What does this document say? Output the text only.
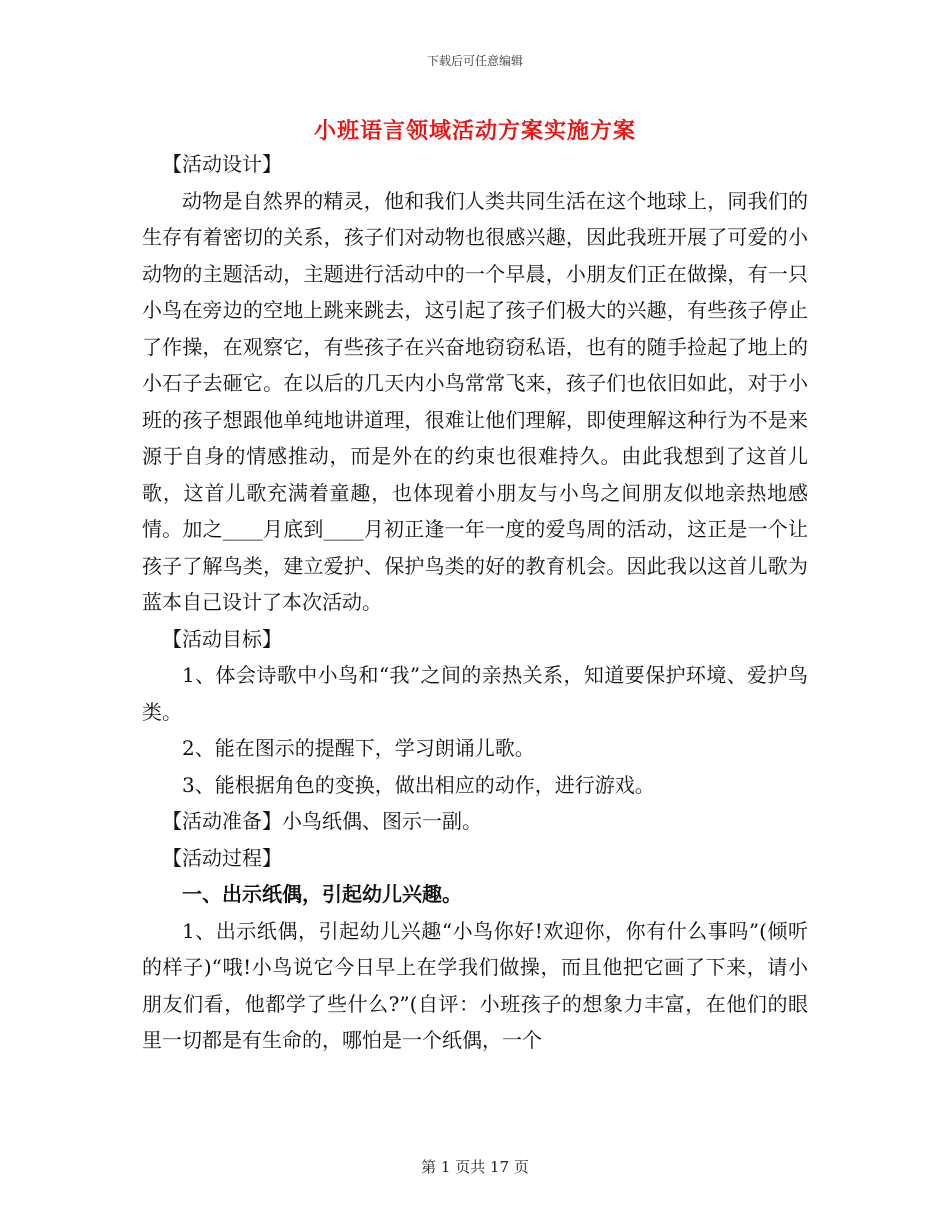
下载后可任意编辑
小班语言领域活动方案实施方案

【活动设计】

动物是自然界的精灵，他和我们人类共同生活在这个地球上，同我们的生存有着密切的关系，孩子们对动物也很感兴趣，因此我班开展了可爱的小动物的主题活动，主题进行活动中的一个早晨，小朋友们正在做操，有一只小鸟在旁边的空地上跳来跳去，这引起了孩子们极大的兴趣，有些孩子停止了作操，在观察它，有些孩子在兴奋地窃窃私语，也有的随手捡起了地上的小石子去砸它。在以后的几天内小鸟常常飞来，孩子们也依旧如此，对于小班的孩子想跟他单纯地讲道理，很难让他们理解，即使理解这种行为不是来源于自身的情感推动，而是外在的约束也很难持久。由此我想到了这首儿歌，这首儿歌充满着童趣，也体现着小朋友与小鸟之间朋友似地亲热地感情。加之____月底到____月初正逢一年一度的爱鸟周的活动，这正是一个让孩子了解鸟类，建立爱护、保护鸟类的好的教育机会。因此我以这首儿歌为蓝本自己设计了本次活动。

【活动目标】

1、体会诗歌中小鸟和“我”之间的亲热关系，知道要保护环境、爱护鸟类。

2、能在图示的提醒下，学习朗诵儿歌。

3、能根据角色的变换，做出相应的动作，进行游戏。

【活动准备】小鸟纸偶、图示一副。

【活动过程】

一、出示纸偶，引起幼儿兴趣。

1、出示纸偶，引起幼儿兴趣“小鸟你好!欢迎你，你有什么事吗”(倾听的样子)“哦!小鸟说它今日早上在学我们做操，而且他把它画了下来，请小朋友们看，他都学了些什么?”(自评：小班孩子的想象力丰富，在他们的眼里一切都是有生命的，哪怕是一个纸偶，一个

第 1 页共 17 页
